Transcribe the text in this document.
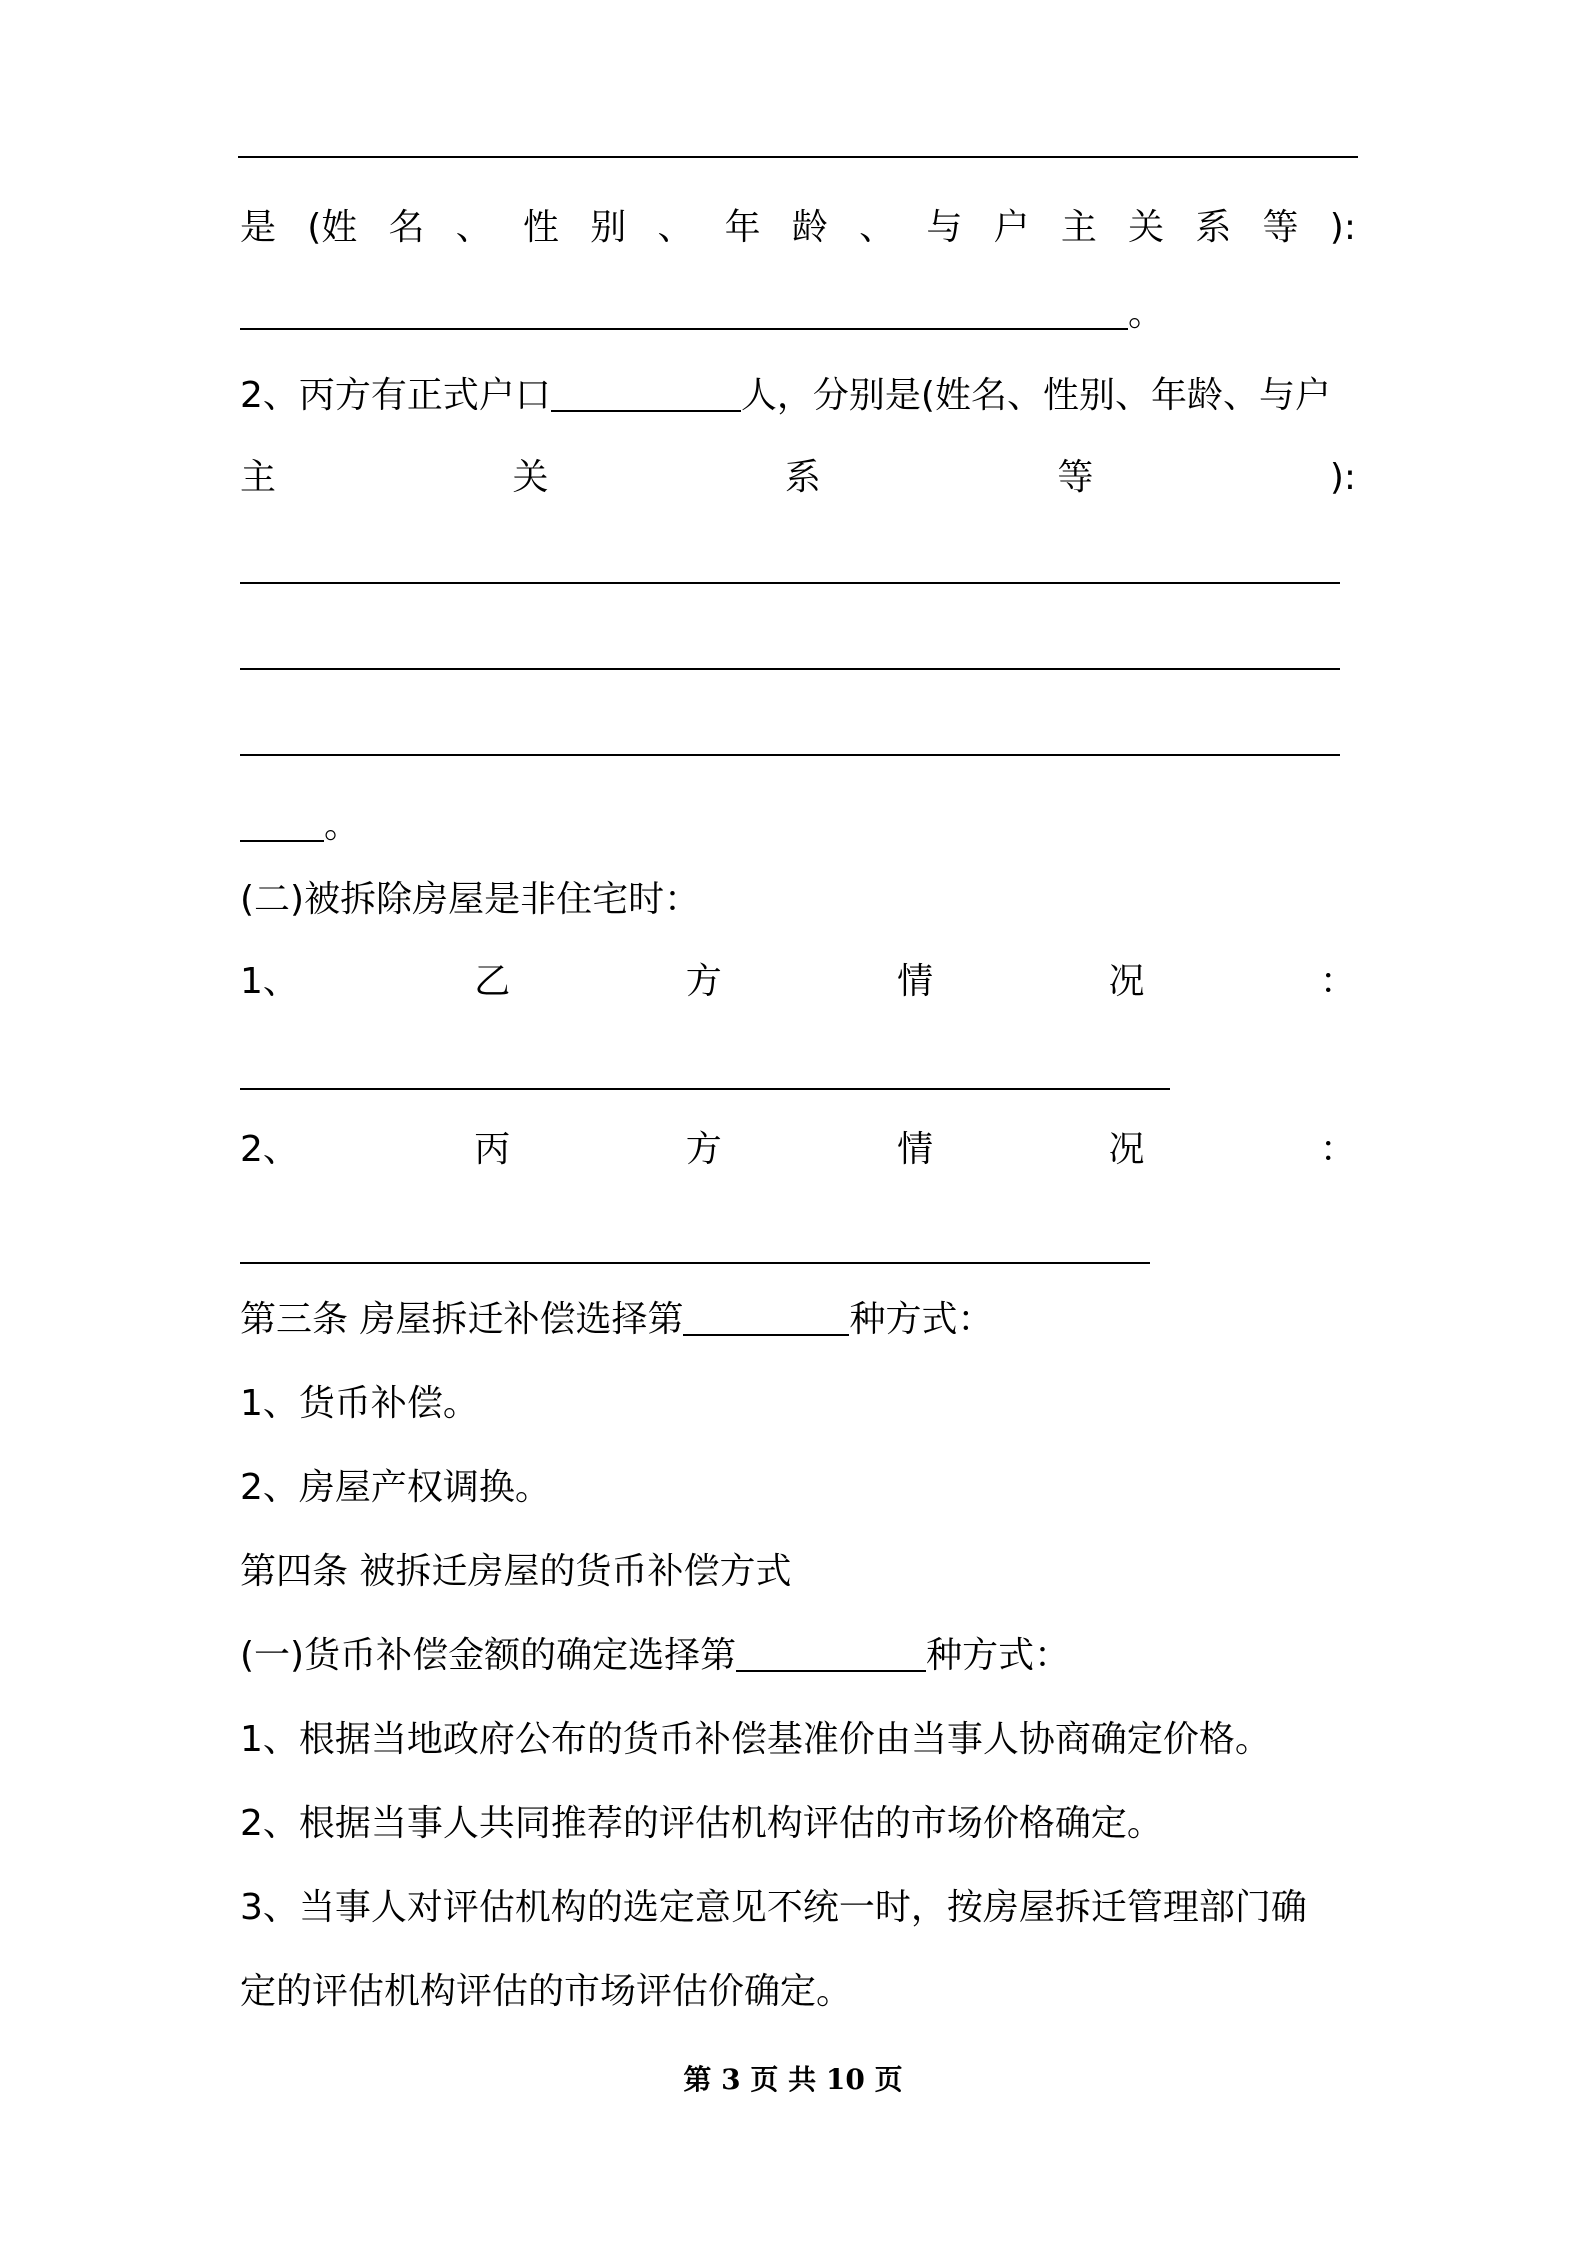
是 (姓 名 、 性 别 、 年 龄 、 与 户 主 关 系 等 ):
。
2、丙方有正式户口	人，分别是(姓名、性别、年龄、与户
主	关	系	等	):
。
(二)被拆除房屋是非住宅时：
1、	乙	方	情	况	：
2、	丙	方	情	况	：
第三条 房屋拆迁补偿选择第	种方式：
1、货币补偿。
2、房屋产权调换。
第四条 被拆迁房屋的货币补偿方式
(一)货币补偿金额的确定选择第	种方式：
1、根据当地政府公布的货币补偿基准价由当事人协商确定价格。
2、根据当事人共同推荐的评估机构评估的市场价格确定。
3、当事人对评估机构的选定意见不统一时，按房屋拆迁管理部门确
定的评估机构评估的市场评估价确定。
第 3 页 共 10 页
